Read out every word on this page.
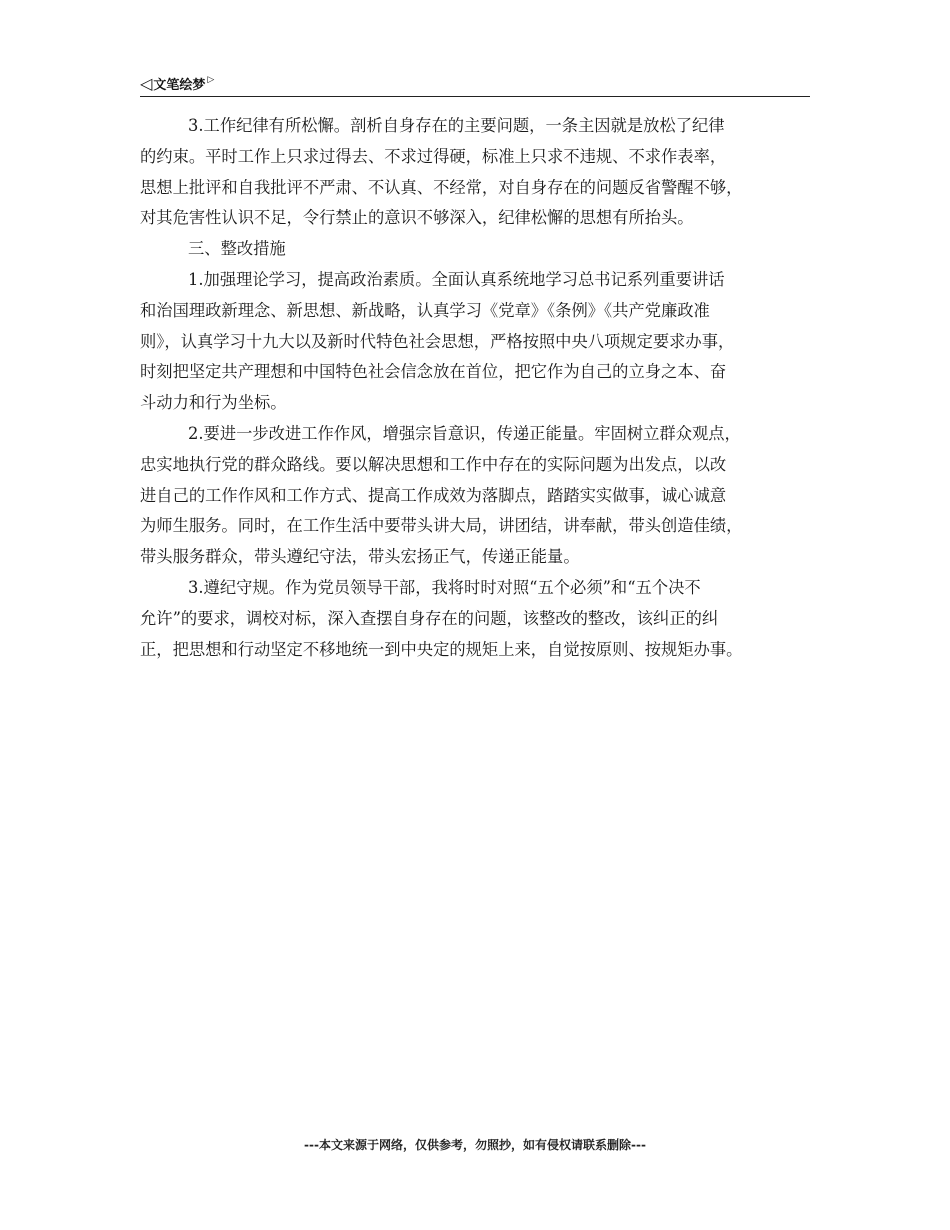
◁ 文笔绘梦 ▷

3.工作纪律有所松懈。剖析自身存在的主要问题，一条主因就是放松了纪律
的约束。平时工作上只求过得去、不求过得硬，标准上只求不违规、不求作表率，
思想上批评和自我批评不严肃、不认真、不经常，对自身存在的问题反省警醒不够，
对其危害性认识不足，令行禁止的意识不够深入，纪律松懈的思想有所抬头。

三、整改措施

1.加强理论学习，提高政治素质。全面认真系统地学习总书记系列重要讲话
和治国理政新理念、新思想、新战略，认真学习《党章》《条例》《共产党廉政准
则》，认真学习十九大以及新时代特色社会思想，严格按照中央八项规定要求办事，
时刻把坚定共产理想和中国特色社会信念放在首位，把它作为自己的立身之本、奋
斗动力和行为坐标。

2.要进一步改进工作作风，增强宗旨意识，传递正能量。牢固树立群众观点，
忠实地执行党的群众路线。要以解决思想和工作中存在的实际问题为出发点，以改
进自己的工作作风和工作方式、提高工作成效为落脚点，踏踏实实做事，诚心诚意
为师生服务。同时，在工作生活中要带头讲大局，讲团结，讲奉献，带头创造佳绩，
带头服务群众，带头遵纪守法，带头宏扬正气，传递正能量。

3.遵纪守规。作为党员领导干部，我将时时对照“五个必须”和“五个决不
允许”的要求，调校对标，深入查摆自身存在的问题，该整改的整改，该纠正的纠
正，把思想和行动坚定不移地统一到中央定的规矩上来，自觉按原则、按规矩办事。

---本文来源于网络，仅供参考，勿照抄，如有侵权请联系删除---
